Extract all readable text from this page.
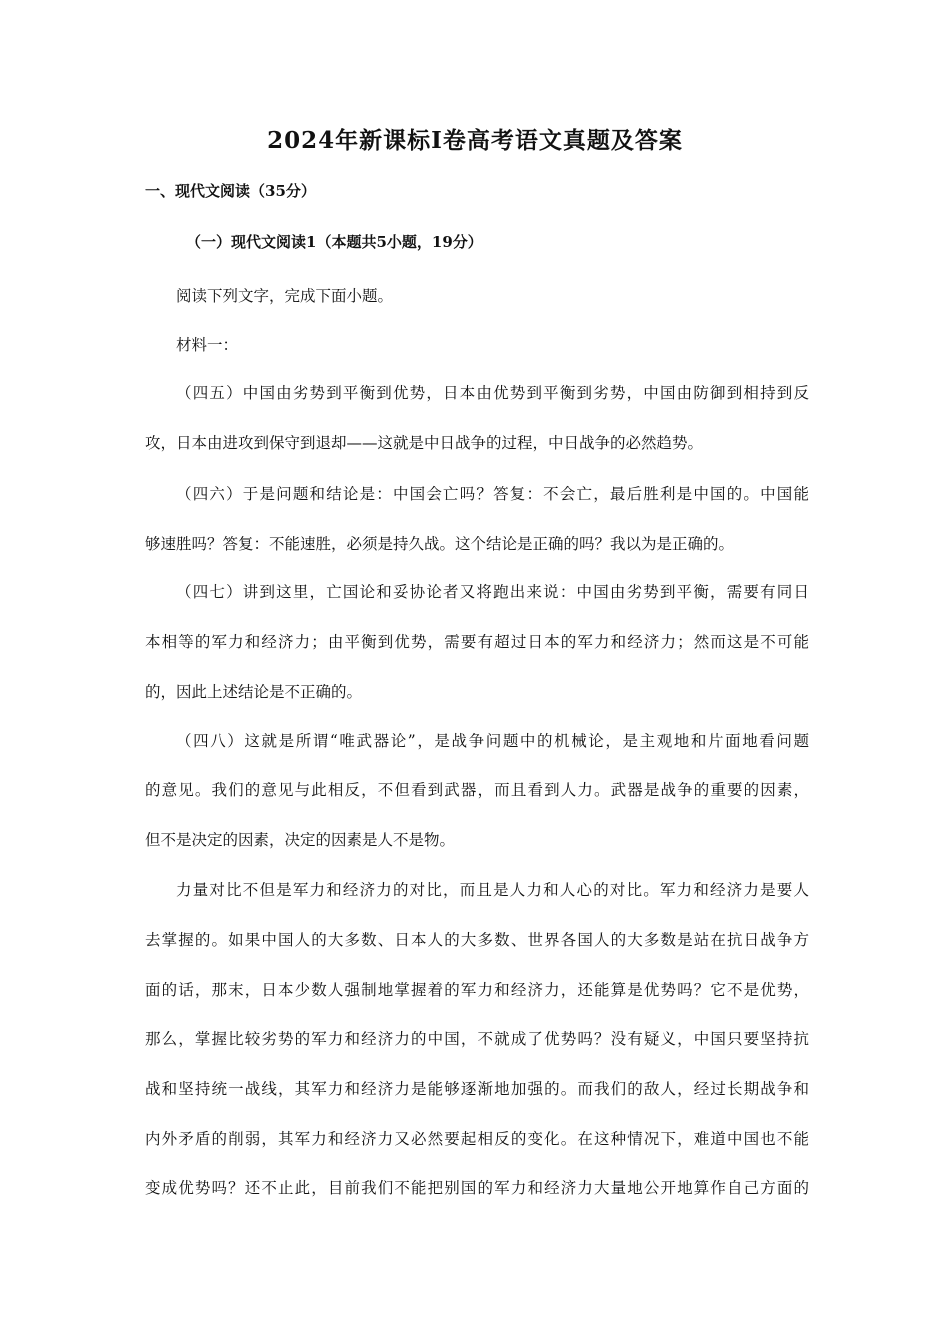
2024年新课标Ⅰ卷高考语文真题及答案
一、现代文阅读（35分）
（一）现代文阅读1（本题共5小题，19分）
阅读下列文字，完成下面小题。
材料一：
（四五）中国由劣势到平衡到优势，日本由优势到平衡到劣势，中国由防御到相持到反
攻，日本由进攻到保守到退却——这就是中日战争的过程，中日战争的必然趋势。
（四六）于是问题和结论是：中国会亡吗？答复：不会亡，最后胜利是中国的。中国能
够速胜吗？答复：不能速胜，必须是持久战。这个结论是正确的吗？我以为是正确的。
（四七）讲到这里，亡国论和妥协论者又将跑出来说：中国由劣势到平衡，需要有同日
本相等的军力和经济力；由平衡到优势，需要有超过日本的军力和经济力；然而这是不可能
的，因此上述结论是不正确的。
（四八）这就是所谓“唯武器论”，是战争问题中的机械论，是主观地和片面地看问题
的意见。我们的意见与此相反，不但看到武器，而且看到人力。武器是战争的重要的因素，
但不是决定的因素，决定的因素是人不是物。
力量对比不但是军力和经济力的对比，而且是人力和人心的对比。军力和经济力是要人
去掌握的。如果中国人的大多数、日本人的大多数、世界各国人的大多数是站在抗日战争方
面的话，那末，日本少数人强制地掌握着的军力和经济力，还能算是优势吗？它不是优势，
那么，掌握比较劣势的军力和经济力的中国，不就成了优势吗？没有疑义，中国只要坚持抗
战和坚持统一战线，其军力和经济力是能够逐渐地加强的。而我们的敌人，经过长期战争和
内外矛盾的削弱，其军力和经济力又必然要起相反的变化。在这种情况下，难道中国也不能
变成优势吗？还不止此，目前我们不能把别国的军力和经济力大量地公开地算作自己方面的
